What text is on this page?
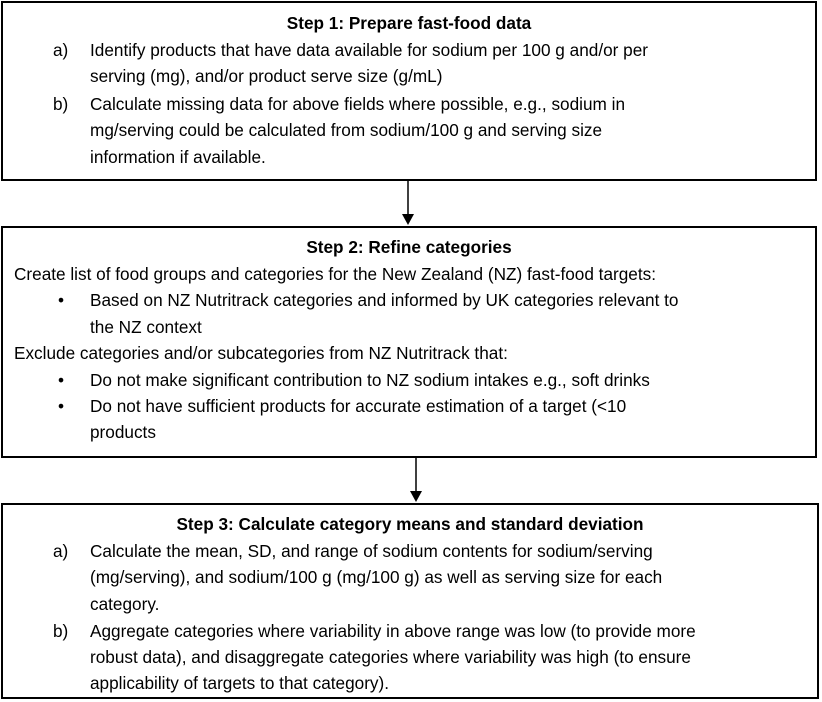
Step 1: Prepare fast-food data
a) Identify products that have data available for sodium per 100 g and/or per
serving (mg), and/or product serve size (g/mL)
b) Calculate missing data for above fields where possible, e.g., sodium in
mg/serving could be calculated from sodium/100 g and serving size
information if available.
Step 2: Refine categories
Create list of food groups and categories for the New Zealand (NZ) fast-food targets:
• Based on NZ Nutritrack categories and informed by UK categories relevant to
the NZ context
Exclude categories and/or subcategories from NZ Nutritrack that:
• Do not make significant contribution to NZ sodium intakes e.g., soft drinks
• Do not have sufficient products for accurate estimation of a target (<10
products
Step 3: Calculate category means and standard deviation
a) Calculate the mean, SD, and range of sodium contents for sodium/serving
(mg/serving), and sodium/100 g (mg/100 g) as well as serving size for each
category.
b) Aggregate categories where variability in above range was low (to provide more
robust data), and disaggregate categories where variability was high (to ensure
applicability of targets to that category).
